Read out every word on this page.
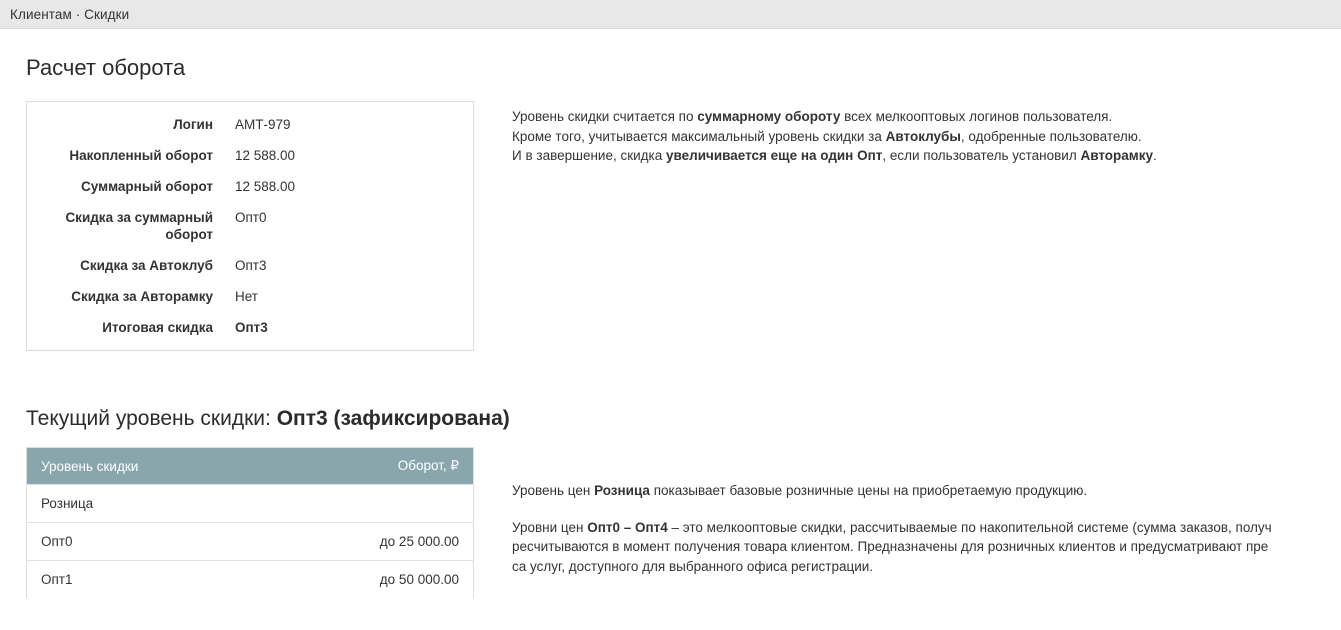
Клиентам · Скидки
Расчет оборота
Логин	АМТ-979
Накопленный оборот	12 588.00
Суммарный оборот	12 588.00
Скидка за суммарный оборот	Опт0
Скидка за Автоклуб	Опт3
Скидка за Авторамку	Нет
Итоговая скидка	Опт3
Уровень скидки считается по суммарному обороту всех мелкооптовых логинов пользователя.
Кроме того, учитывается максимальный уровень скидки за Автоклубы, одобренные пользователю.
И в завершение, скидка увеличивается еще на один Опт, если пользователь установил Авторамку.
Текущий уровень скидки: Опт3 (зафиксирована)
Уровень скидки	Оборот, ₽
Розница	
Опт0	до 25 000.00
Опт1	до 50 000.00

Уровень цен Розница показывает базовые розничные цены на приобретаемую продукцию.

Уровни цен Опт0 – Опт4 – это мелкооптовые скидки, рассчитываемые по накопительной системе (сумма заказов, получ
ресчитываются в момент получения товара клиентом. Предназначены для розничных клиентов и предусматривают пре
са услуг, доступного для выбранного офиса регистрации.
